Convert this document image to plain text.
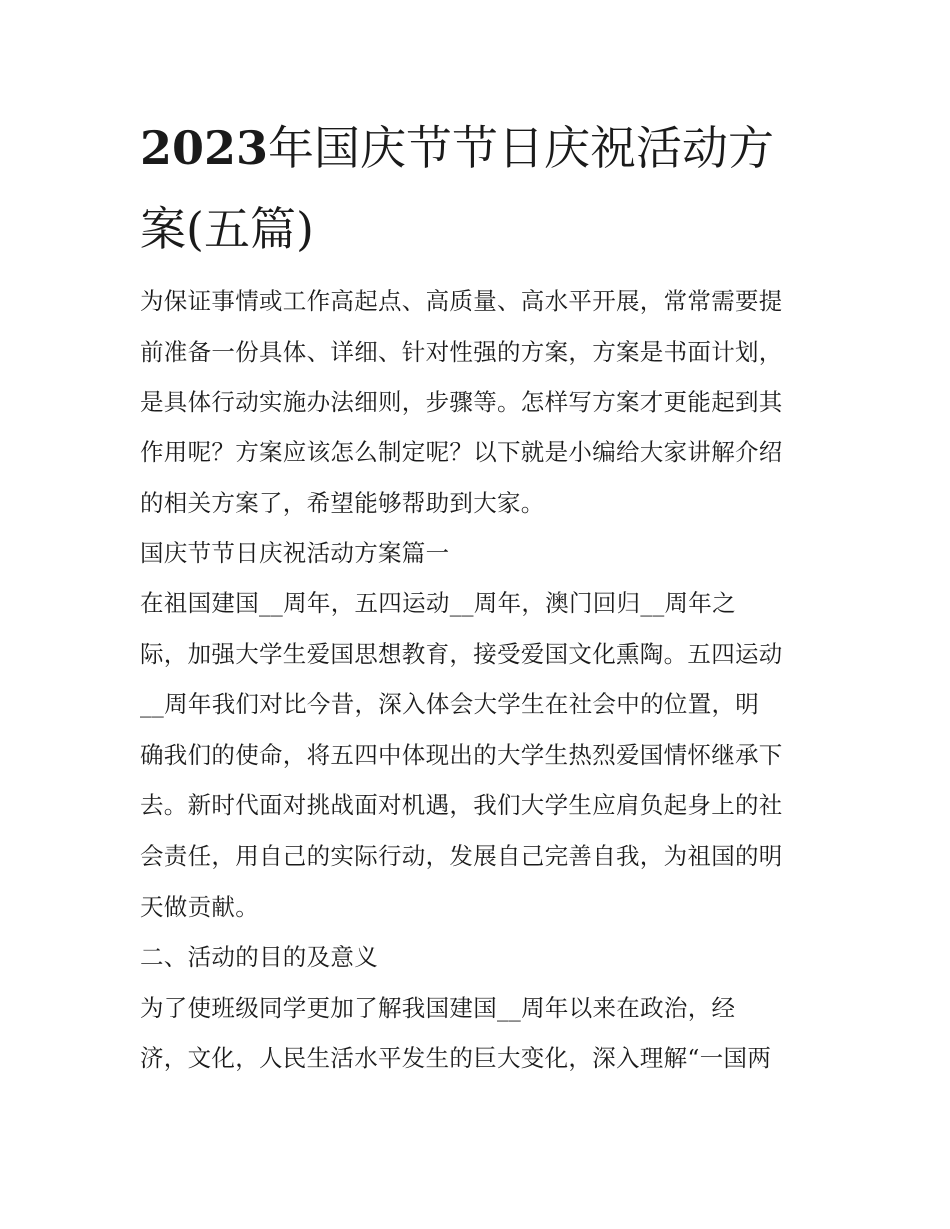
2023年国庆节节日庆祝活动方
案(五篇)
为保证事情或工作高起点、高质量、高水平开展，常常需要提
前准备一份具体、详细、针对性强的方案，方案是书面计划，
是具体行动实施办法细则，步骤等。怎样写方案才更能起到其
作用呢？方案应该怎么制定呢？以下就是小编给大家讲解介绍
的相关方案了，希望能够帮助到大家。
国庆节节日庆祝活动方案篇一
在祖国建国__周年，五四运动__周年，澳门回归__周年之
际，加强大学生爱国思想教育，接受爱国文化熏陶。五四运动
__周年我们对比今昔，深入体会大学生在社会中的位置，明
确我们的使命，将五四中体现出的大学生热烈爱国情怀继承下
去。新时代面对挑战面对机遇，我们大学生应肩负起身上的社
会责任，用自己的实际行动，发展自己完善自我，为祖国的明
天做贡献。
二、活动的目的及意义
为了使班级同学更加了解我国建国__周年以来在政治，经
济，文化，人民生活水平发生的巨大变化，深入理解“一国两
